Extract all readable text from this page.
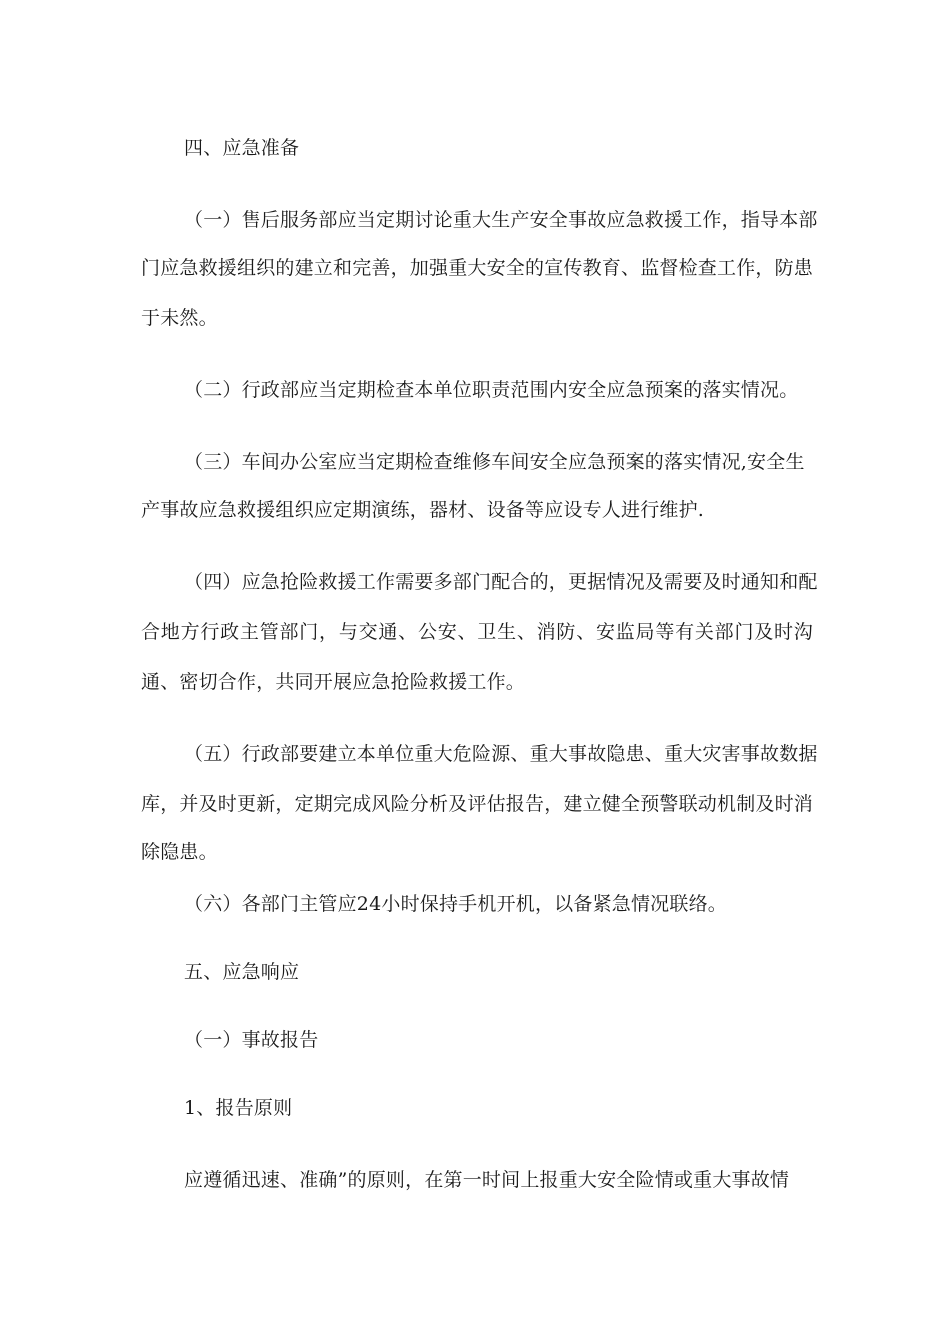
四、应急准备
（一）售后服务部应当定期讨论重大生产安全事故应急救援工作，指导本部
门应急救援组织的建立和完善，加强重大安全的宣传教育、监督检查工作，防患
于未然。
（二）行政部应当定期检查本单位职责范围内安全应急预案的落实情况。
（三）车间办公室应当定期检查维修车间安全应急预案的落实情况,安全生
产事故应急救援组织应定期演练，器材、设备等应设专人进行维护.
（四）应急抢险救援工作需要多部门配合的，更据情况及需要及时通知和配
合地方行政主管部门，与交通、公安、卫生、消防、安监局等有关部门及时沟
通、密切合作，共同开展应急抢险救援工作。
（五）行政部要建立本单位重大危险源、重大事故隐患、重大灾害事故数据
库，并及时更新，定期完成风险分析及评估报告，建立健全预警联动机制及时消
除隐患。
（六）各部门主管应24小时保持手机开机，以备紧急情况联络。
五、应急响应
（一）事故报告
1、报告原则
应遵循迅速、准确”的原则，在第一时间上报重大安全险情或重大事故情
